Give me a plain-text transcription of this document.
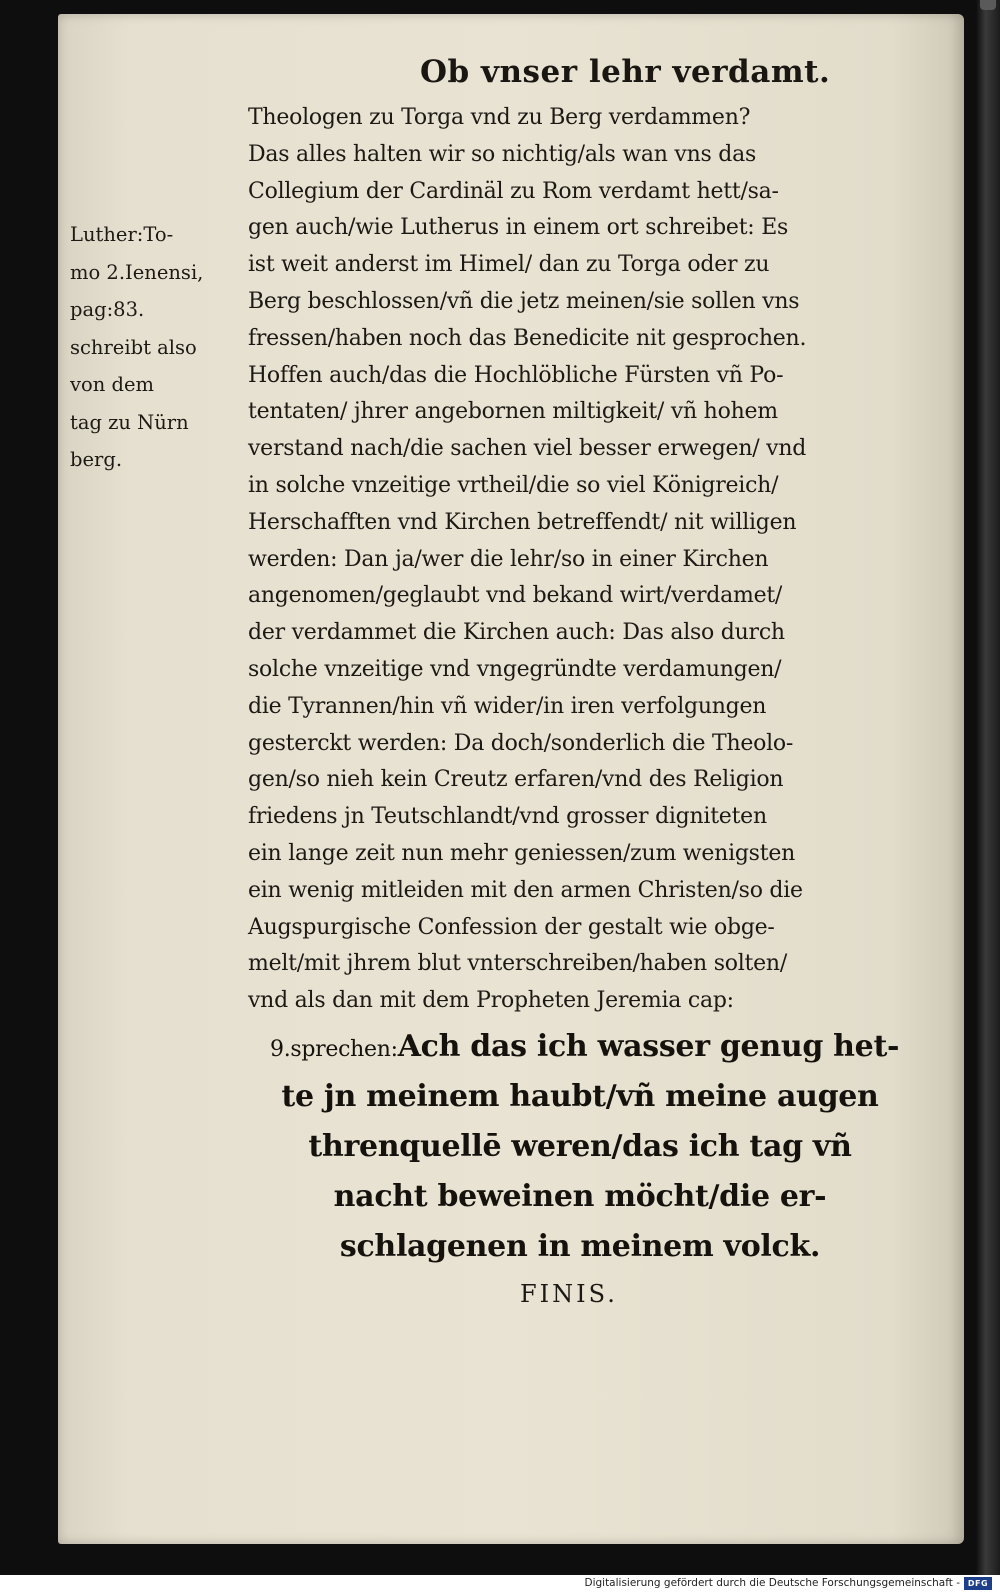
Ob vnser lehr verdamt.
Luther:To-
mo 2.Ienensi,
pag:83.
schreibt also
von dem
tag zu Nürn
berg.
Theologen zu Torga vnd zu Berg verdammen?
Das alles halten wir so nichtig/als wan vns das
Collegium der Cardinäl zu Rom verdamt hett/sa-
gen auch/wie Lutherus in einem ort schreibet: Es
ist weit anderst im Himel/ dan zu Torga oder zu
Berg beschlossen/vñ die jetz meinen/sie sollen vns
fressen/haben noch das Benedicite nit gesprochen.
Hoffen auch/das die Hochlöbliche Fürsten vñ Po-
tentaten/ jhrer angebornen miltigkeit/ vñ hohem
verstand nach/die sachen viel besser erwegen/ vnd
in solche vnzeitige vrtheil/die so viel Königreich/
Herschafften vnd Kirchen betreffendt/ nit willigen
werden: Dan ja/wer die lehr/so in einer Kirchen
angenomen/geglaubt vnd bekand wirt/verdamet/
der verdammet die Kirchen auch: Das also durch
solche vnzeitige vnd vngegründte verdamungen/
die Tyrannen/hin vñ wider/in iren verfolgungen
gesterckt werden: Da doch/sonderlich die Theolo-
gen/so nieh kein Creutz erfaren/vnd des Religion
friedens jn Teutschlandt/vnd grosser digniteten
ein lange zeit nun mehr geniessen/zum wenigsten
ein wenig mitleiden mit den armen Christen/so die
Augspurgische Confession der gestalt wie obge-
melt/mit jhrem blut vnterschreiben/haben solten/
vnd als dan mit dem Propheten Jeremia cap:
9.sprechen:Ach das ich wasser genug het-
te jn meinem haubt/vñ meine augen
threnquellē weren/das ich tag vñ
nacht beweinen möcht/die er-
schlagenen in meinem volck.
FINIS.
Digitalisierung gefördert durch die Deutsche Forschungsgemeinschaft - DFG
